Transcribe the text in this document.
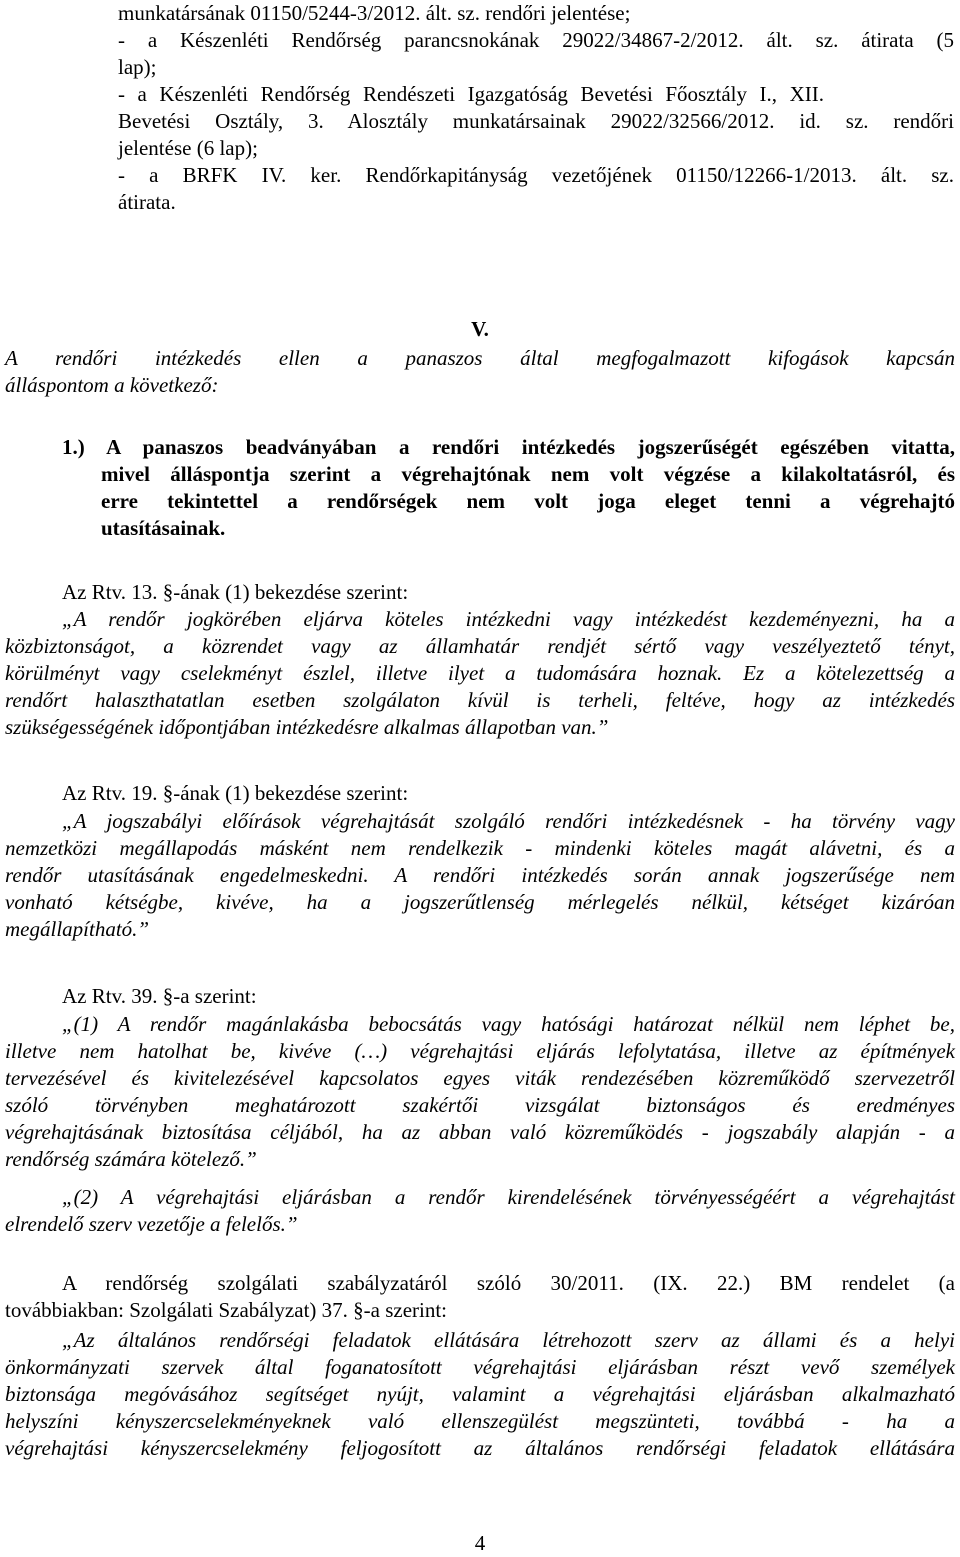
munkatársának 01150/5244-3/2012. ált. sz. rendőri jelentése;
- a Készenléti Rendőrség parancsnokának 29022/34867-2/2012. ált. sz. átirata (5
lap);
- a Készenléti Rendőrség Rendészeti Igazgatóság Bevetési Főosztály I., XII.
Bevetési Osztály, 3. Alosztály munkatársainak 29022/32566/2012. id. sz. rendőri
jelentése (6 lap);
- a BRFK IV. ker. Rendőrkapitányság vezetőjének 01150/12266-1/2013. ált. sz.
átirata.
V.
A rendőri intézkedés ellen a panaszos által megfogalmazott kifogások kapcsán
álláspontom a következő:
1.) A panaszos beadványában a rendőri intézkedés jogszerűségét egészében vitatta,
mivel álláspontja szerint a végrehajtónak nem volt végzése a kilakoltatásról, és
erre tekintettel a rendőrségek nem volt joga eleget tenni a végrehajtó
utasításainak.
Az Rtv. 13. §-ának (1) bekezdése szerint:
„A rendőr jogkörében eljárva köteles intézkedni vagy intézkedést kezdeményezni, ha a
közbiztonságot, a közrendet vagy az államhatár rendjét sértő vagy veszélyeztető tényt,
körülményt vagy cselekményt észlel, illetve ilyet a tudomására hoznak. Ez a kötelezettség a
rendőrt halaszthatatlan esetben szolgálaton kívül is terheli, feltéve, hogy az intézkedés
szükségességének időpontjában intézkedésre alkalmas állapotban van.”
Az Rtv. 19. §-ának (1) bekezdése szerint:
„A jogszabályi előírások végrehajtását szolgáló rendőri intézkedésnek - ha törvény vagy
nemzetközi megállapodás másként nem rendelkezik - mindenki köteles magát alávetni, és a
rendőr utasításának engedelmeskedni. A rendőri intézkedés során annak jogszerűsége nem
vonható kétségbe, kivéve, ha a jogszerűtlenség mérlegelés nélkül, kétséget kizáróan
megállapítható.”
Az Rtv. 39. §-a szerint:
„(1) A rendőr magánlakásba bebocsátás vagy hatósági határozat nélkül nem léphet be,
illetve nem hatolhat be, kivéve (…) végrehajtási eljárás lefolytatása, illetve az építmények
tervezésével és kivitelezésével kapcsolatos egyes viták rendezésében közreműködő szervezetről
szóló törvényben meghatározott szakértői vizsgálat biztonságos és eredményes
végrehajtásának biztosítása céljából, ha az abban való közreműködés - jogszabály alapján - a
rendőrség számára kötelező.”
„(2) A végrehajtási eljárásban a rendőr kirendelésének törvényességéért a végrehajtást
elrendelő szerv vezetője a felelős.”
A rendőrség szolgálati szabályzatáról szóló 30/2011. (IX. 22.) BM rendelet (a
továbbiakban: Szolgálati Szabályzat) 37. §-a szerint:
„Az általános rendőrségi feladatok ellátására létrehozott szerv az állami és a helyi
önkormányzati szervek által foganatosított végrehajtási eljárásban részt vevő személyek
biztonsága megóvásához segítséget nyújt, valamint a végrehajtási eljárásban alkalmazható
helyszíni kényszercselekményeknek való ellenszegülést megszünteti, továbbá - ha a
végrehajtási kényszercselekmény feljogosított az általános rendőrségi feladatok ellátására
4
